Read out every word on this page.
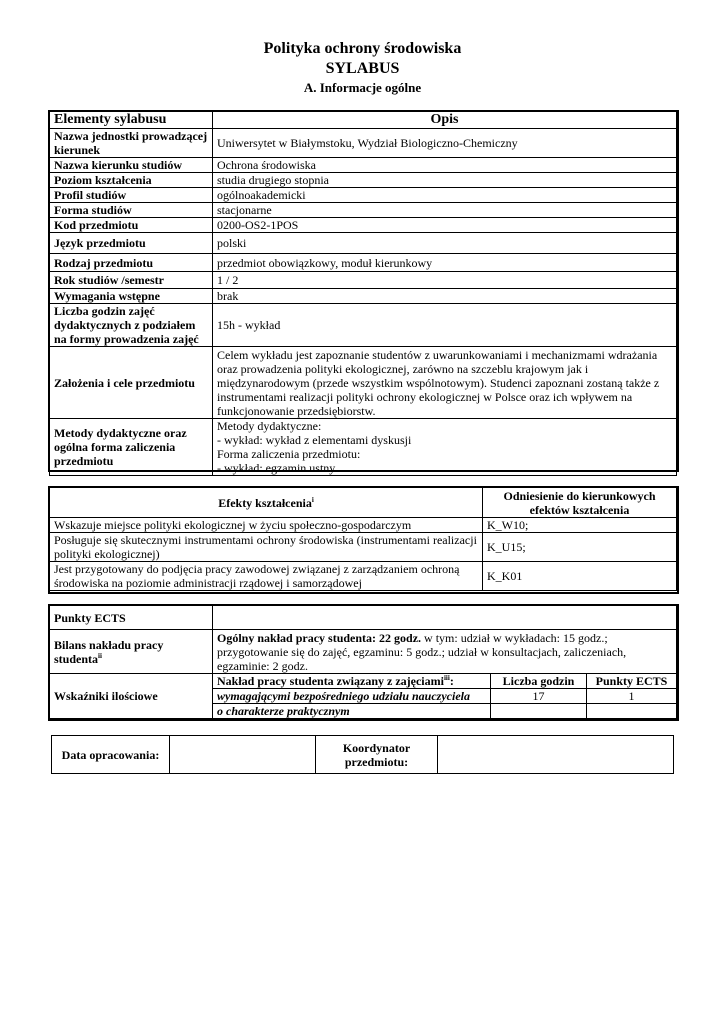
Polityka ochrony środowiska
SYLABUS
A. Informacje ogólne
Elementy sylabusu	Opis
Nazwa jednostki prowadzącej kierunek	Uniwersytet w Białymstoku, Wydział Biologiczno-Chemiczny
Nazwa kierunku studiów	Ochrona środowiska
Poziom kształcenia	studia drugiego stopnia
Profil studiów	ogólnoakademicki
Forma studiów	stacjonarne
Kod przedmiotu	0200-OS2-1POS
Język przedmiotu	polski
Rodzaj przedmiotu	przedmiot obowiązkowy, moduł kierunkowy
Rok studiów /semestr	1 / 2
Wymagania wstępne	brak
Liczba godzin zajęć dydaktycznych z podziałem na formy prowadzenia zajęć	15h - wykład
Założenia i cele przedmiotu	Celem wykładu jest zapoznanie studentów z uwarunkowaniami i mechanizmami wdrażania oraz prowadzenia polityki ekologicznej, zarówno na szczeblu krajowym jak i międzynarodowym (przede wszystkim wspólnotowym). Studenci zapoznani zostaną także z instrumentami realizacji polityki ochrony ekologicznej w Polsce oraz ich wpływem na funkcjonowanie przedsiębiorstw.
Metody dydaktyczne oraz ogólna forma zaliczenia przedmiotu	Metody dydaktyczne:
- wykład: wykład z elementami dyskusji
Forma zaliczenia przedmiotu:
- wykład: egzamin ustny
Efekty kształcenia$^i$	Odniesienie do kierunkowych efektów kształcenia
Wskazuje miejsce polityki ekologicznej w życiu społeczno-gospodarczym	K_W10;
Posługuje się skutecznymi instrumentami ochrony środowiska (instrumentami realizacji polityki ekologicznej)	K_U15;
Jest przygotowany do podjęcia pracy zawodowej związanej z zarządzaniem ochroną środowiska na poziomie administracji rządowej i samorządowej	K_K01
Punkty ECTS			
Bilans nakładu pracy studenta$^{ii}$	Ogólny nakład pracy studenta: 22 godz. w tym: udział w wykładach: 15 godz.; przygotowanie się do zajęć, egzaminu: 5 godz.; udział w konsultacjach, zaliczeniach, egzaminie: 2 godz.		
Wskaźniki ilościowe	Nakład pracy studenta związany z zajęciami$^{iii}$:	Liczba godzin	Punkty ECTS
	wymagającymi bezpośredniego udziału nauczyciela	17	1
	o charakterze praktycznym		
Data opracowania:		Koordynator przedmiotu:	
